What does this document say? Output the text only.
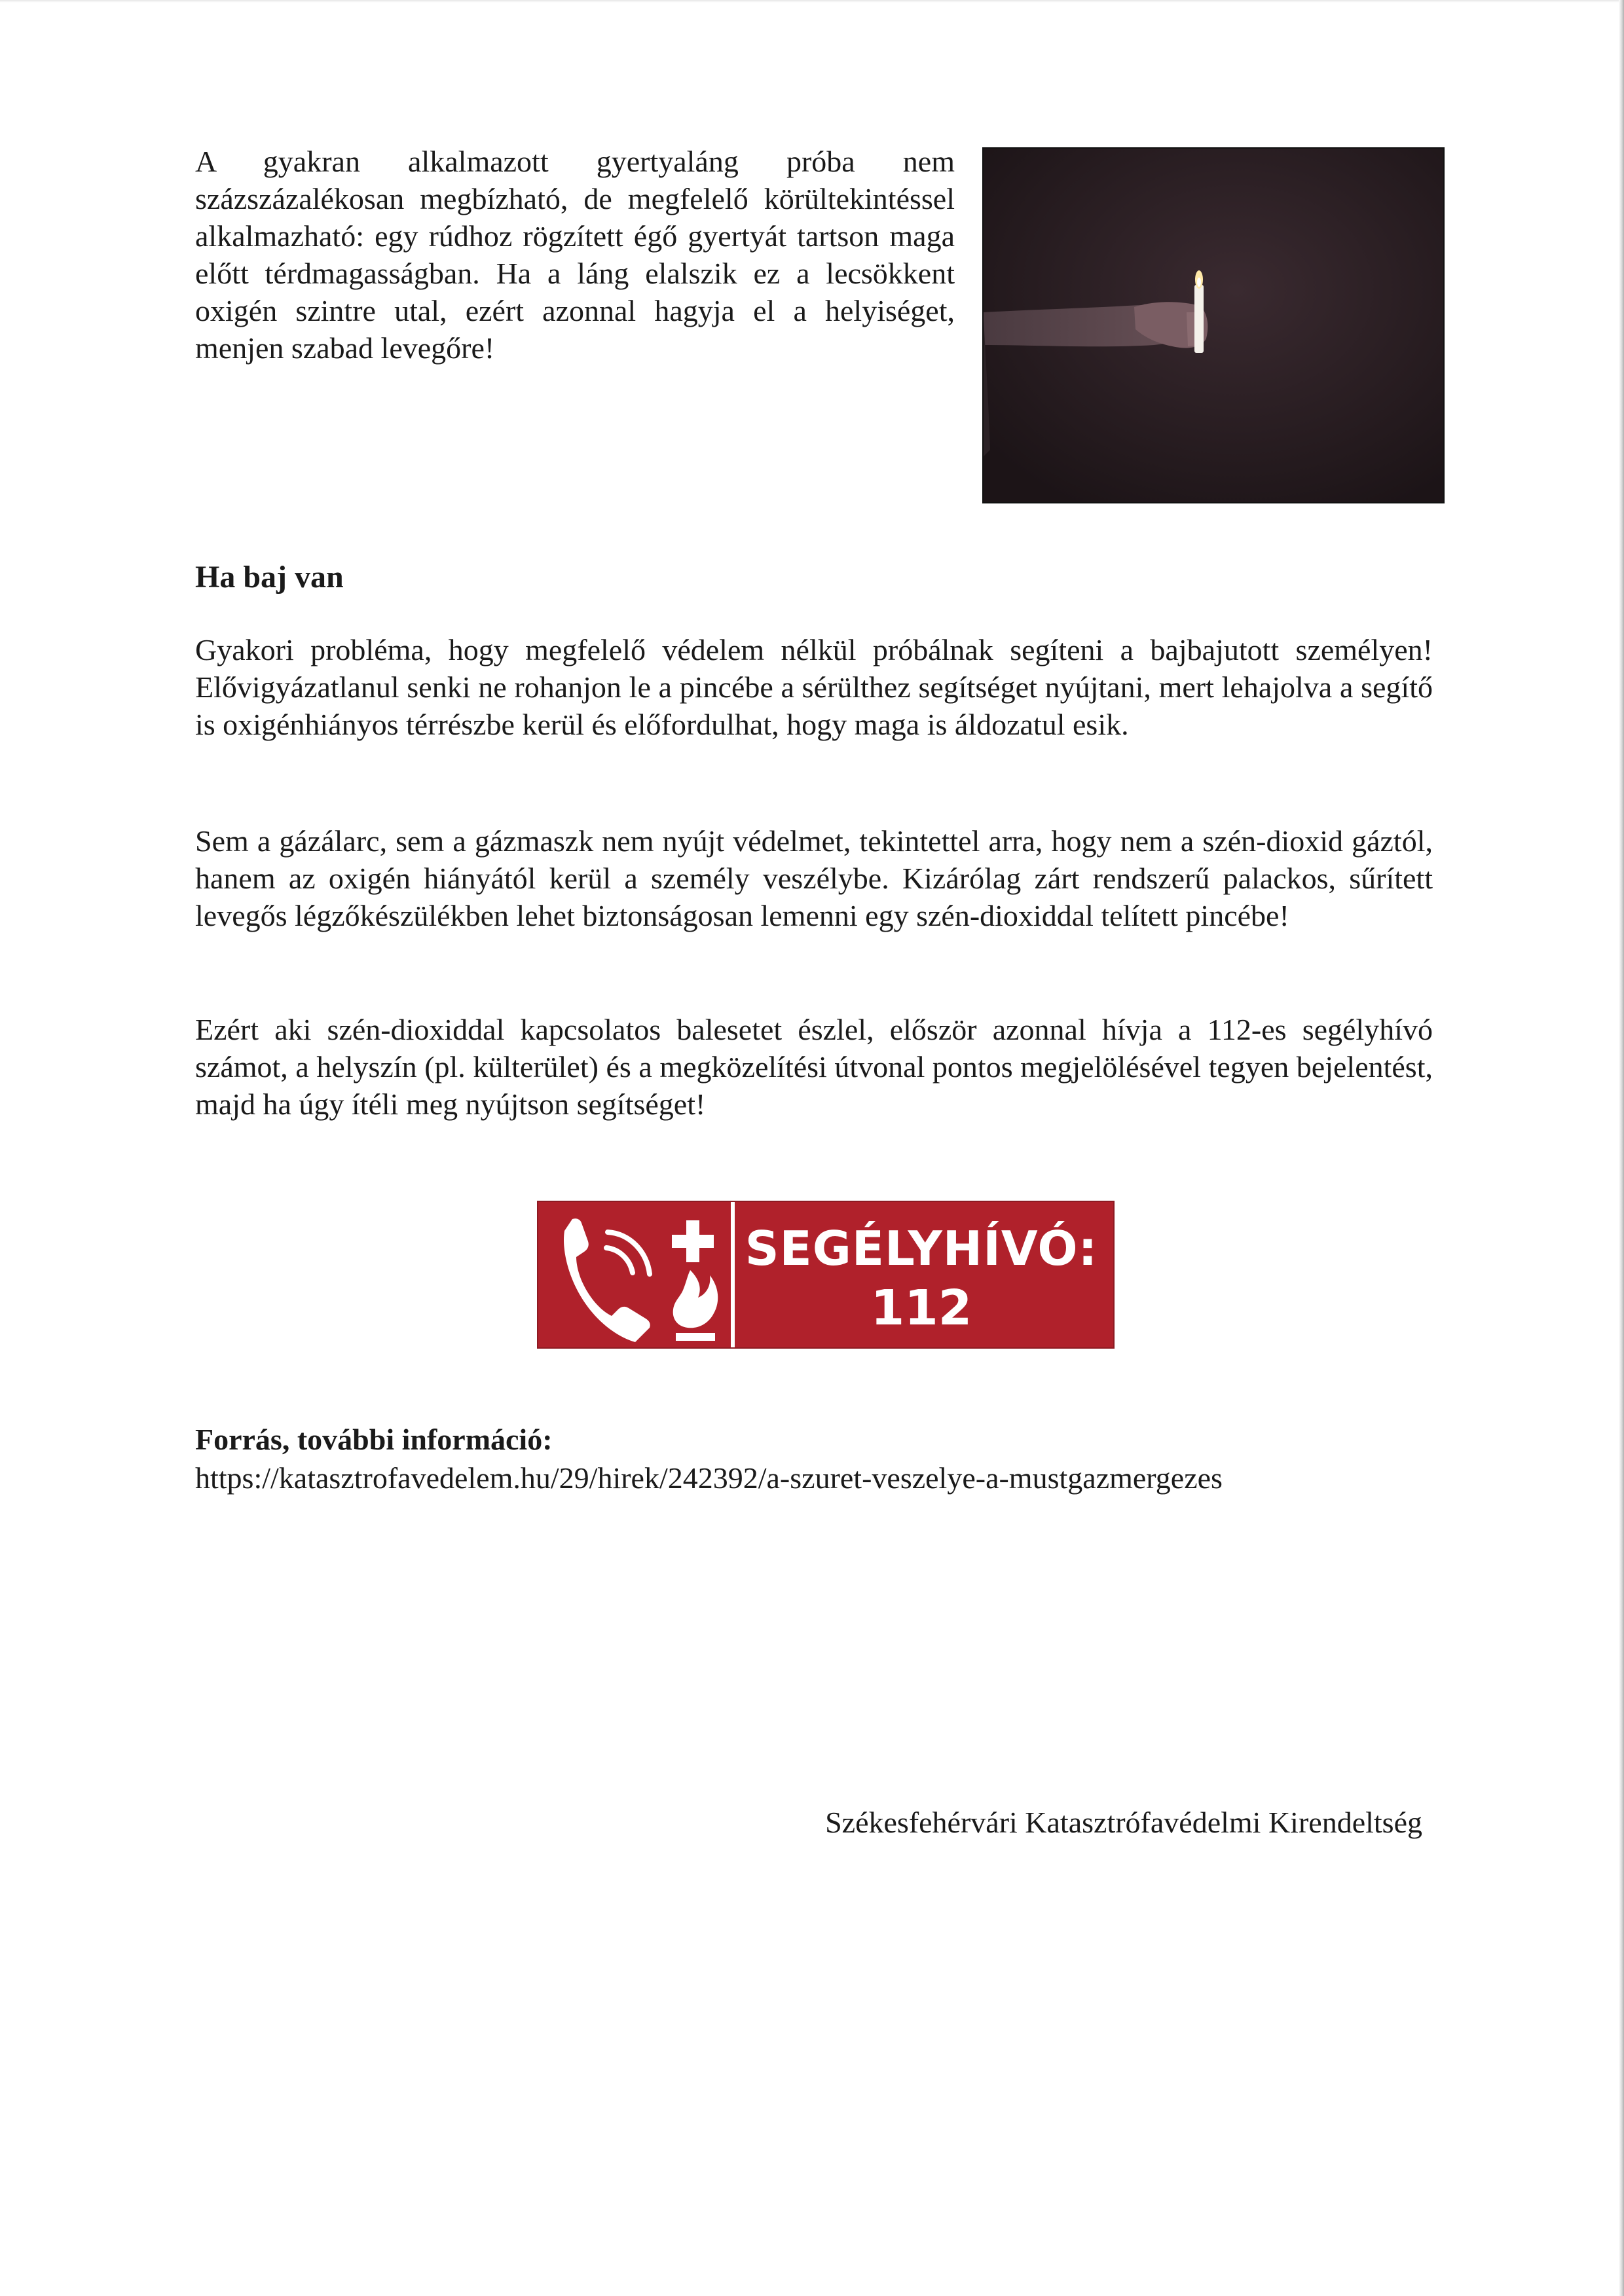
A gyakran alkalmazott gyertyaláng próba nem százszázalékosan megbízható, de megfelelő körültekintéssel alkalmazható: egy rúdhoz rögzített égő gyertyát tartson maga előtt térdmagasságban. Ha a láng elalszik ez a lecsökkent oxigén szintre utal, ezért azonnal hagyja el a helyiséget, menjen szabad levegőre!

Ha baj van

Gyakori probléma, hogy megfelelő védelem nélkül próbálnak segíteni a bajbajutott személyen! Elővigyázatlanul senki ne rohanjon le a pincébe a sérülthez segítséget nyújtani, mert lehajolva a segítő is oxigénhiányos térrészbe kerül és előfordulhat, hogy maga is áldozatul esik.

Sem a gázálarc, sem a gázmaszk nem nyújt védelmet, tekintettel arra, hogy nem a szén-dioxid gáztól, hanem az oxigén hiányától kerül a személy veszélybe. Kizárólag zárt rendszerű palackos, sűrített levegős légzőkészülékben lehet biztonságosan lemenni egy szén-dioxiddal telített pincébe!

Ezért aki szén-dioxiddal kapcsolatos balesetet észlel, először azonnal hívja a 112-es segélyhívó számot, a helyszín (pl. külterület) és a megközelítési útvonal pontos megjelölésével tegyen bejelentést, majd ha úgy ítéli meg nyújtson segítséget!

SEGÉLYHÍVÓ:
112

Forrás, további információ:

https://katasztrofavedelem.hu/29/hirek/242392/a-szuret-veszelye-a-mustgazmergezes

Székesfehérvári Katasztrófavédelmi Kirendeltség
